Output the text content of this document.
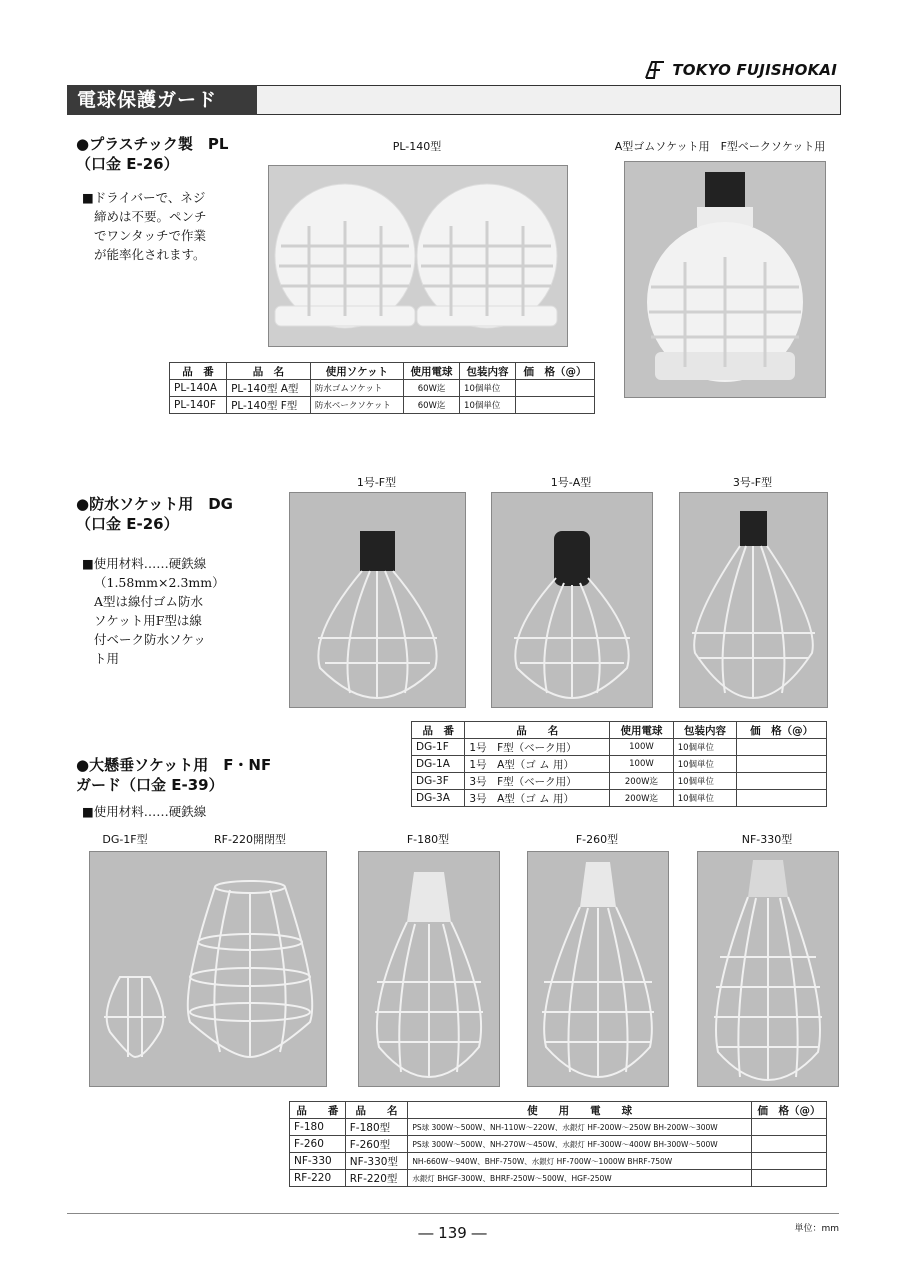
TOKYO FUJISHOKAI
電球保護ガード
●プラスチック製　PL
（口金 E-26）
■ドライバーで、ネジ
締めは不要。ペンチ
でワンタッチで作業
が能率化されます。
PL-140型	A型ゴムソケット用　F型ベークソケット用
品　番	品　名	使用ソケット	使用電球	包装内容	価　格（@）
PL-140A	PL-140型 A型	防水ゴムソケット	60W迄	10個単位	
PL-140F	PL-140型 F型	防水ベークソケット	60W迄	10個単位	
●防水ソケット用　DG
（口金 E-26）
■使用材料……硬鉄線
（1.58mm×2.3mm）
A型は線付ゴム防水
ソケット用F型は線
付ベーク防水ソケッ
ト用
1号-F型	1号-A型	3号-F型
品　番	品　　名	使用電球	包装内容	価　格（@）
DG-1F	1号　F型（ベーク用）	100W	10個単位	
DG-1A	1号　A型（ゴ ム 用）	100W	10個単位	
DG-3F	3号　F型（ベーク用）	200W迄	10個単位	
DG-3A	3号　A型（ゴ ム 用）	200W迄	10個単位	
●大懸垂ソケット用　F・NF
ガード（口金 E-39）
■使用材料……硬鉄線
DG-1F型	RF-220開閉型	F-180型	F-260型	NF-330型
品　　番	品　　名	使　　用　　電　　球	価　格（@）
F-180	F-180型	PS球 300W～500W、NH-110W～220W、水銀灯 HF-200W～250W BH-200W～300W	
F-260	F-260型	PS球 300W～500W、NH-270W～450W、水銀灯 HF-300W～400W BH-300W～500W	
NF-330	NF-330型	NH-660W～940W、BHF-750W、水銀灯 HF-700W～1000W BHRF-750W	
RF-220	RF-220型	水銀灯 BHGF-300W、BHRF-250W～500W、HGF-250W	
― 139 ―	単位：mm
